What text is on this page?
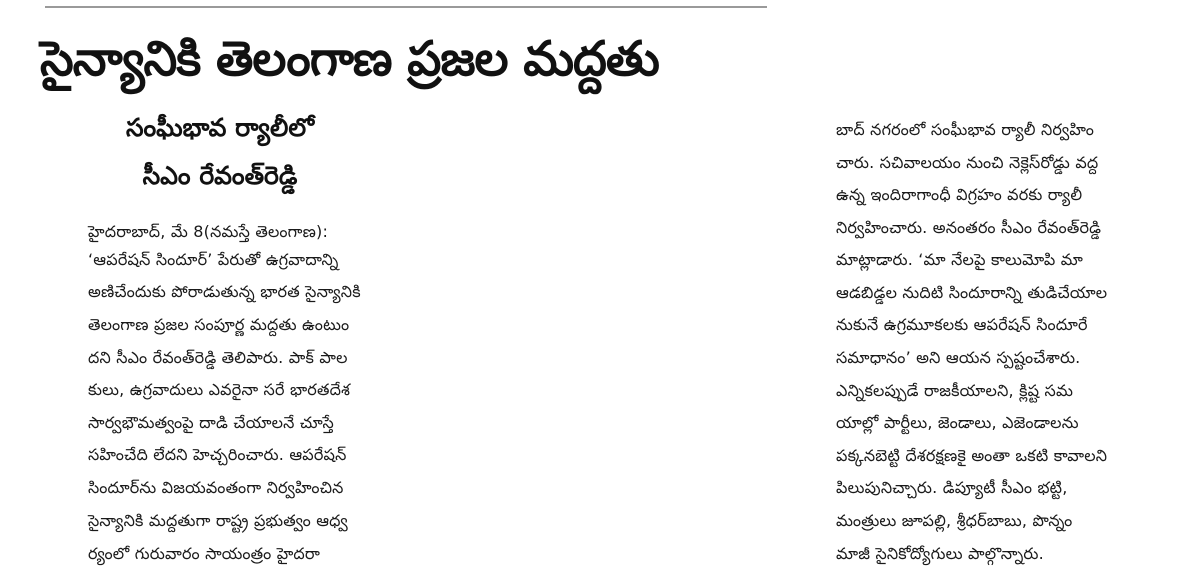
సైన్యానికి తెలంగాణ ప్రజల మద్దతు
సంఘీభావ ర్యాలీలో
సీఎం రేవంత్‌రెడ్డి
హైదరాబాద్, మే 8(నమస్తే తెలంగాణ):
‘ఆపరేషన్ సిందూర్’ పేరుతో ఉగ్రవాదాన్ని
అణిచేందుకు పోరాడుతున్న భారత సైన్యానికి
తెలంగాణ ప్రజల సంపూర్ణ మద్దతు ఉంటుం
దని సీఎం రేవంత్‌రెడ్డి తెలిపారు. పాక్ పాల
కులు, ఉగ్రవాదులు ఎవరైనా సరే భారతదేశ
సార్వభౌమత్వంపై దాడి చేయాలనే చూస్తే
సహించేది లేదని హెచ్చరించారు. ఆపరేషన్
సిందూర్‌ను విజయవంతంగా నిర్వహించిన
సైన్యానికి మద్దతుగా రాష్ట్ర ప్రభుత్వం ఆధ్వ
ర్యంలో గురువారం సాయంత్రం హైదరా
బాద్ నగరంలో సంఘీభావ ర్యాలీ నిర్వహిం
చారు. సచివాలయం నుంచి నెక్లెస్‌రోడ్డు వద్ద
ఉన్న ఇందిరాగాంధీ విగ్రహం వరకు ర్యాలీ
నిర్వహించారు. అనంతరం సీఎం రేవంత్‌రెడ్డి
మాట్లాడారు. ‘మా నేలపై కాలుమోపి మా
ఆడబిడ్డల నుదిటి సిందూరాన్ని తుడిచేయాల
నుకునే ఉగ్రమూకలకు ఆపరేషన్ సిందూరే
సమాధానం’ అని ఆయన స్పష్టంచేశారు.
ఎన్నికలప్పుడే రాజకీయాలని, క్లిష్ట సమ
యాల్లో పార్టీలు, జెండాలు, ఎజెండాలను
పక్కనబెట్టి దేశరక్షణకై అంతా ఒకటి కావాలని
పిలుపునిచ్చారు. డిప్యూటీ సీఎం భట్టి,
మంత్రులు జూపల్లి, శ్రీధర్‌బాబు, పొన్నం
మాజీ సైనికోద్యోగులు పాల్గొన్నారు.
